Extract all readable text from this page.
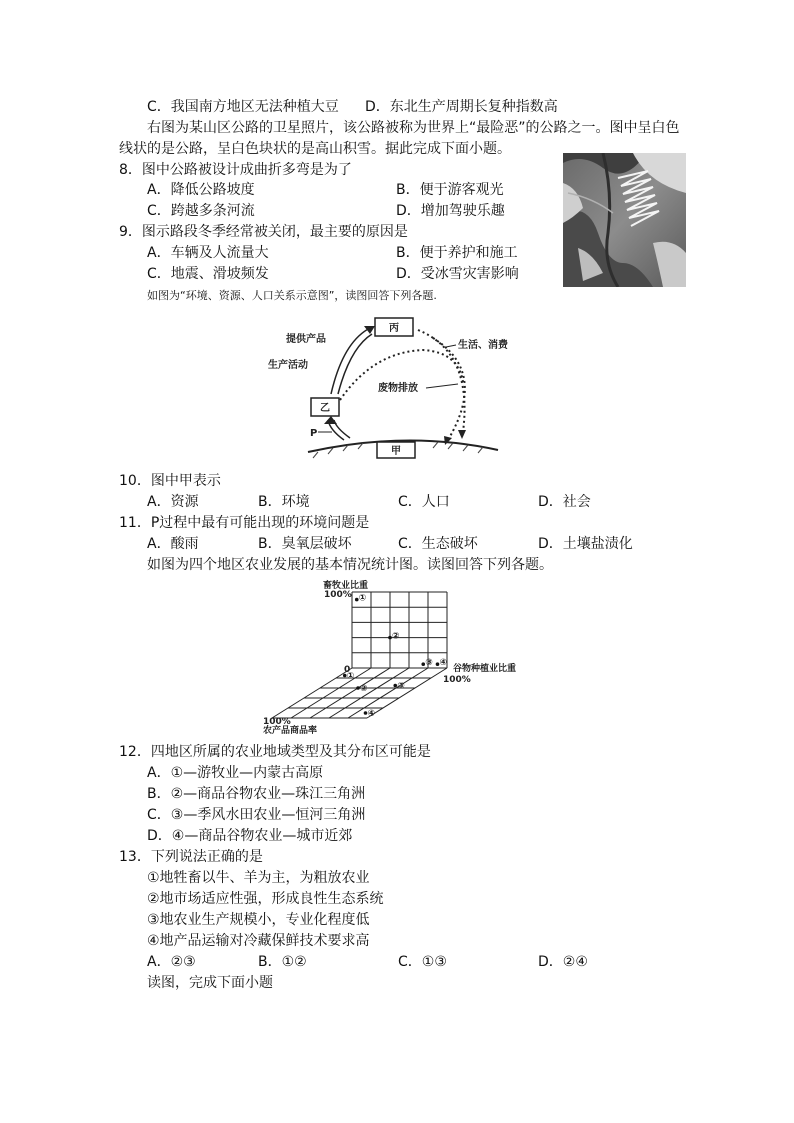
C．我国南方地区无法种植大豆 D．东北生产周期长复种指数高
右图为某山区公路的卫星照片，该公路被称为世界上“最险恶”的公路之一。图中呈白色
线状的是公路，呈白色块状的是高山积雪。据此完成下面小题。
8．图中公路被设计成曲折多弯是为了
A．降低公路坡度	B．便于游客观光
C．跨越多条河流	D．增加驾驶乐趣
9．图示路段冬季经常被关闭，最主要的原因是
A．车辆及人流量大	B．便于养护和施工
C．地震、滑坡频发	D．受冰雪灾害影响
如图为“环境、资源、人口关系示意图”，读图回答下列各题.
丙
乙
甲
P
提供产品
生产活动
生活、消费
废物排放
10．图中甲表示
A．资源	B．环境	C．人口	D．社会
11．P过程中最有可能出现的环境问题是
A．酸雨	B．臭氧层破坏	C．生态破坏	D．土壤盐渍化
如图为四个地区农业发展的基本情况统计图。读图回答下列各题。
①
①
②
②
③
③
④
④
畜牧业比重
100%
0	谷物种植业比重
100%
100%
农产品商品率
12．四地区所属的农业地域类型及其分布区可能是
A．①—游牧业—内蒙古高原
B．②—商品谷物农业—珠江三角洲
C．③—季风水田农业—恒河三角洲
D．④—商品谷物农业—城市近郊
13．下列说法正确的是
①地牲畜以牛、羊为主，为粗放农业
②地市场适应性强，形成良性生态系统
③地农业生产规模小，专业化程度低
④地产品运输对冷藏保鲜技术要求高
A．②③	B．①②	C．①③	D．②④
读图，完成下面小题
